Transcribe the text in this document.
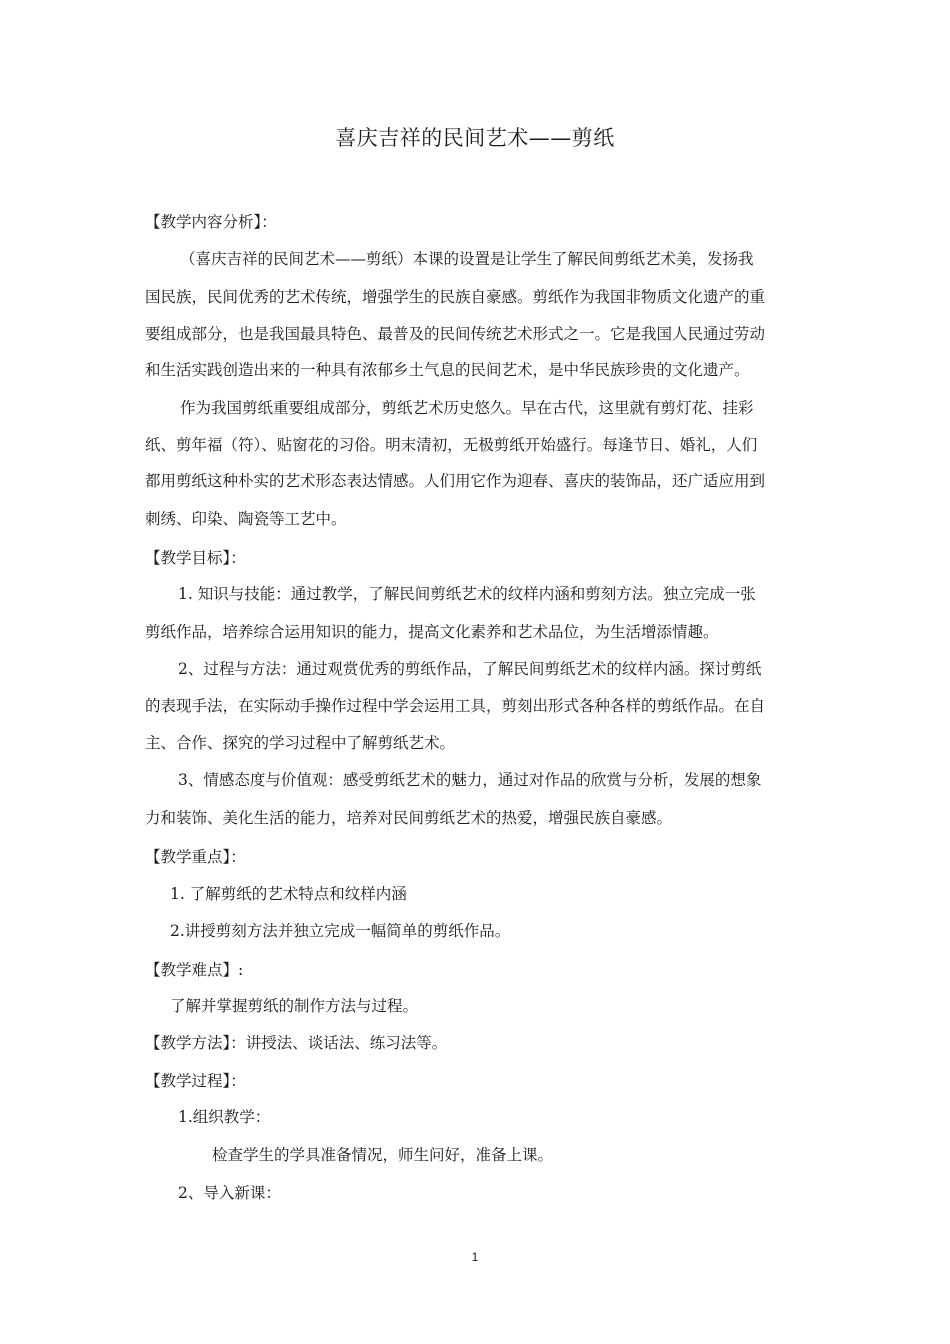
喜庆吉祥的民间艺术——剪纸
【教学内容分析】：
（喜庆吉祥的民间艺术——剪纸）本课的设置是让学生了解民间剪纸艺术美，发扬我
国民族，民间优秀的艺术传统，增强学生的民族自豪感。剪纸作为我国非物质文化遗产的重
要组成部分，也是我国最具特色、最普及的民间传统艺术形式之一。它是我国人民通过劳动
和生活实践创造出来的一种具有浓郁乡土气息的民间艺术，是中华民族珍贵的文化遗产。
作为我国剪纸重要组成部分，剪纸艺术历史悠久。早在古代，这里就有剪灯花、挂彩
纸、剪年福（符）、贴窗花的习俗。明末清初，无极剪纸开始盛行。每逢节日、婚礼，人们
都用剪纸这种朴实的艺术形态表达情感。人们用它作为迎春、喜庆的装饰品，还广适应用到
刺绣、印染、陶瓷等工艺中。
【教学目标】：
1. 知识与技能：通过教学，了解民间剪纸艺术的纹样内涵和剪刻方法。独立完成一张
剪纸作品，培养综合运用知识的能力，提高文化素养和艺术品位，为生活增添情趣。
2、过程与方法：通过观赏优秀的剪纸作品，了解民间剪纸艺术的纹样内涵。探讨剪纸
的表现手法，在实际动手操作过程中学会运用工具，剪刻出形式各种各样的剪纸作品。在自
主、合作、探究的学习过程中了解剪纸艺术。
3、情感态度与价值观：感受剪纸艺术的魅力，通过对作品的欣赏与分析，发展的想象
力和装饰、美化生活的能力，培养对民间剪纸艺术的热爱，增强民族自豪感。
【教学重点】：
1. 了解剪纸的艺术特点和纹样内涵
2.讲授剪刻方法并独立完成一幅简单的剪纸作品。
【教学难点】:
了解并掌握剪纸的制作方法与过程。
【教学方法】：讲授法、谈话法、练习法等。
【教学过程】：
1.组织教学：
检查学生的学具准备情况，师生问好，准备上课。
2、导入新课：
1
